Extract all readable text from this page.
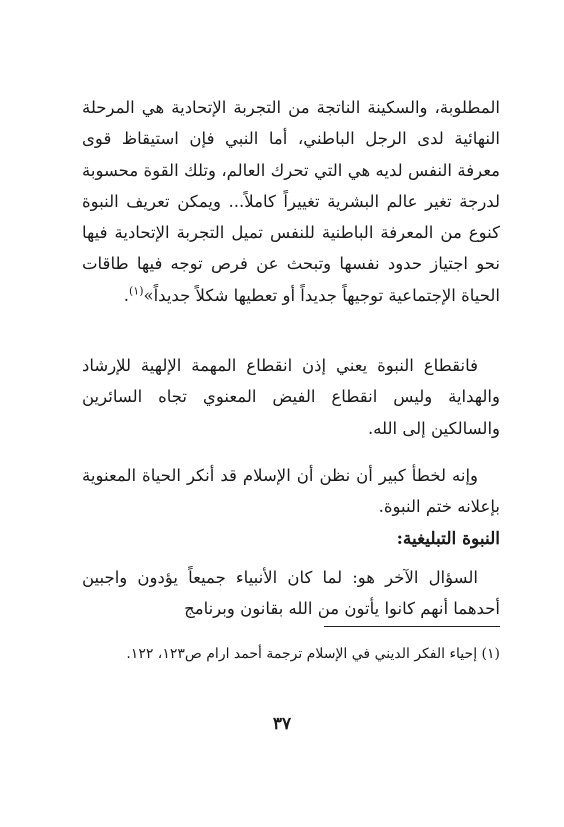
المطلوبة، والسكينة الناتجة من التجربة الإتحادية هي المرحلة النهائية لدى الرجل الباطني، أما النبي فإن استيقاظ قوى معرفة النفس لديه هي التي تحرك العالم، وتلك القوة محسوبة لدرجة تغير عالم البشرية تغييراً كاملاً... ويمكن تعريف النبوة كنوع من المعرفة الباطنية للنفس تميل التجربة الإتحادية فيها نحو اجتياز حدود نفسها وتبحث عن فرص توجه فيها طاقات الحياة الإجتماعية توجيهاً جديداً أو تعطيها شكلاً جديداً»$^{(١)}$.

فانقطاع النبوة يعني إذن انقطاع المهمة الإلهية للإرشاد والهداية وليس انقطاع الفيض المعنوي تجاه السائرين والسالكين إلى الله.

وإنه لخطأ كبير أن نظن أن الإسلام قد أنكر الحياة المعنوية بإعلانه ختم النبوة.

النبوة التبليغية:

السؤال الآخر هو: لما كان الأنبياء جميعاً يؤدون واجبين أحدهما أنهم كانوا يأتون من الله بقانون وبرنامج

(١) إحياء الفكر الديني في الإسلام ترجمة أحمد ارام ص١٢٣، ١٢٢.

٣٧
